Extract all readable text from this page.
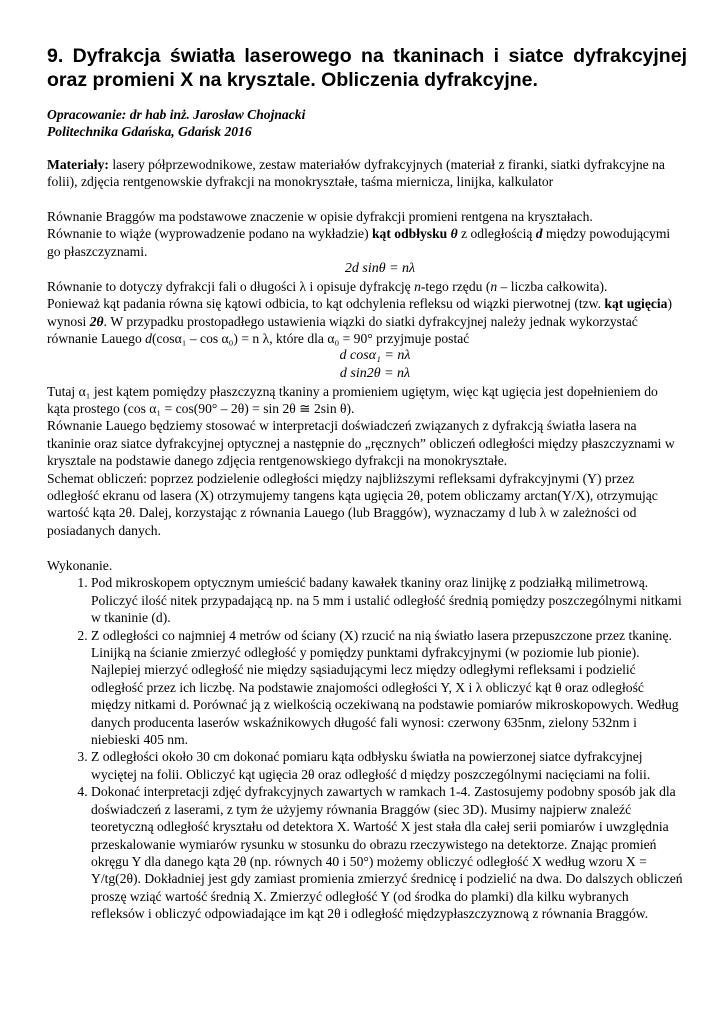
9. Dyfrakcja światła laserowego na tkaninach i siatce dyfrakcyjnej oraz promieni X na krysztale. Obliczenia dyfrakcyjne.
Opracowanie: dr hab inż. Jarosław Chojnacki
Politechnika Gdańska, Gdańsk 2016
Materiały: lasery półprzewodnikowe, zestaw materiałów dyfrakcyjnych (materiał z firanki, siatki dyfrakcyjne na folii), zdjęcia rentgenowskie dyfrakcji na monokryształe, taśma miernicza, linijka, kalkulator
Równanie Braggów ma podstawowe znaczenie w opisie dyfrakcji promieni rentgena na kryształach.
Równanie to wiąże (wyprowadzenie podano na wykładzie) kąt odbłysku θ z odległością d między powodującymi go płaszczyznami.
2d sinθ = nλ
Równanie to dotyczy dyfrakcji fali o długości λ i opisuje dyfrakcję n-tego rzędu (n – liczba całkowita).
Ponieważ kąt padania równa się kątowi odbicia, to kąt odchylenia refleksu od wiązki pierwotnej (tzw. kąt ugięcia) wynosi 2θ. W przypadku prostopadłego ustawienia wiązki do siatki dyfrakcyjnej należy jednak wykorzystać równanie Lauego d(cosα₁ – cos α₀) = n λ, które dla α₀ = 90° przyjmuje postać
d cosα₁ = nλ
d sin2θ = nλ
Tutaj α₁ jest kątem pomiędzy płaszczyzną tkaniny a promieniem ugiętym, więc kąt ugięcia jest dopełnieniem do kąta prostego (cos α₁ = cos(90° – 2θ) = sin 2θ ≅ 2sin θ).
Równanie Lauego będziemy stosować w interpretacji doświadczeń związanych z dyfrakcją światła lasera na tkaninie oraz siatce dyfrakcyjnej optycznej a następnie do „ręcznych” obliczeń odległości między płaszczyznami w krysztale na podstawie danego zdjęcia rentgenowskiego dyfrakcji na monokryształe.
Schemat obliczeń: poprzez podzielenie odległości między najbliższymi refleksami dyfrakcyjnymi (Y) przez odległość ekranu od lasera (X) otrzymujemy tangens kąta ugięcia 2θ, potem obliczamy arctan(Y/X), otrzymując wartość kąta 2θ. Dalej, korzystając z równania Lauego (lub Braggów), wyznaczamy d lub λ w zależności od posiadanych danych.
Wykonanie.
1. Pod mikroskopem optycznym umieścić badany kawałek tkaniny oraz linijkę z podziałką milimetrową. Policzyć ilość nitek przypadającą np. na 5 mm i ustalić odległość średnią pomiędzy poszczególnymi nitkami w tkaninie (d).
2. Z odległości co najmniej 4 metrów od ściany (X) rzucić na nią światło lasera przepuszczone przez tkaninę. Linijką na ścianie zmierzyć odległość y pomiędzy punktami dyfrakcyjnymi (w poziomie lub pionie). Najlepiej mierzyć odległość nie między sąsiadującymi lecz między odległymi refleksami i podzielić odległość przez ich liczbę. Na podstawie znajomości odległości Y, X i λ obliczyć kąt θ oraz odległość między nitkami d. Porównać ją z wielkością oczekiwaną na podstawie pomiarów mikroskopowych. Według danych producenta laserów wskaźnikowych długość fali wynosi: czerwony 635nm, zielony 532nm i niebieski 405 nm.
3. Z odległości około 30 cm dokonać pomiaru kąta odbłysku światła na powierzonej siatce dyfrakcyjnej wyciętej na folii. Obliczyć kąt ugięcia 2θ oraz odległość d między poszczególnymi nacięciami na folii.
4. Dokonać interpretacji zdjęć dyfrakcyjnych zawartych w ramkach 1-4. Zastosujemy podobny sposób jak dla doświadczeń z laserami, z tym że użyjemy równania Braggów (siec 3D). Musimy najpierw znaleźć teoretyczną odległość kryształu od detektora X. Wartość X jest stała dla całej serii pomiarów i uwzględnia przeskalowanie wymiarów rysunku w stosunku do obrazu rzeczywistego na detektorze. Znając promień okręgu Y dla danego kąta 2θ (np. równych 40 i 50°) możemy obliczyć odległość X według wzoru X = Y/tg(2θ). Dokładniej jest gdy zamiast promienia zmierzyć średnicę i podzielić na dwa. Do dalszych obliczeń proszę wziąć wartość średnią X. Zmierzyć odległość Y (od środka do plamki) dla kilku wybranych refleksów i obliczyć odpowiadające im kąt 2θ i odległość międzypłaszczyznową z równania Braggów.
